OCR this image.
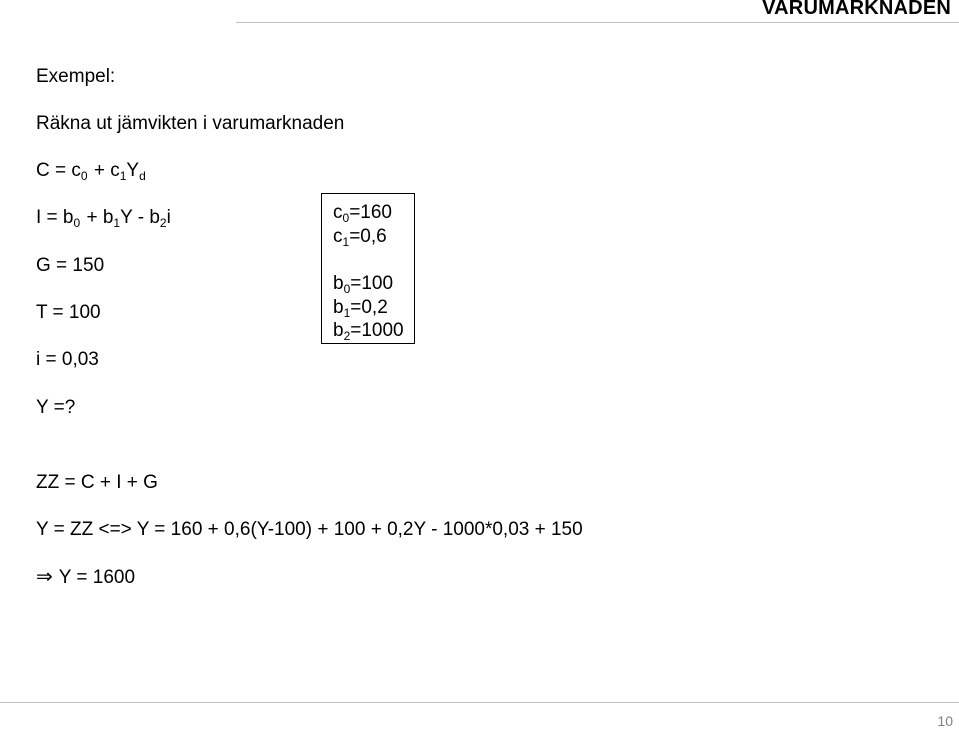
VARUMARKNADEN
Exempel:
Räkna ut jämvikten i varumarknaden
$C = c_0 + c_1Y_d$
$I = b_0 + b_1Y - b_2i$
G = 150
T = 100
i = 0,03
Y =?
$c_0=160$
$c_1=0,6$
$b_0=100$
$b_1=0,2$
$b_2=1000$
ZZ = C + I + G
Y = ZZ <=> Y = 160 + 0,6(Y-100) + 100 + 0,2Y - 1000*0,03 + 150
⇒ Y = 1600
10
